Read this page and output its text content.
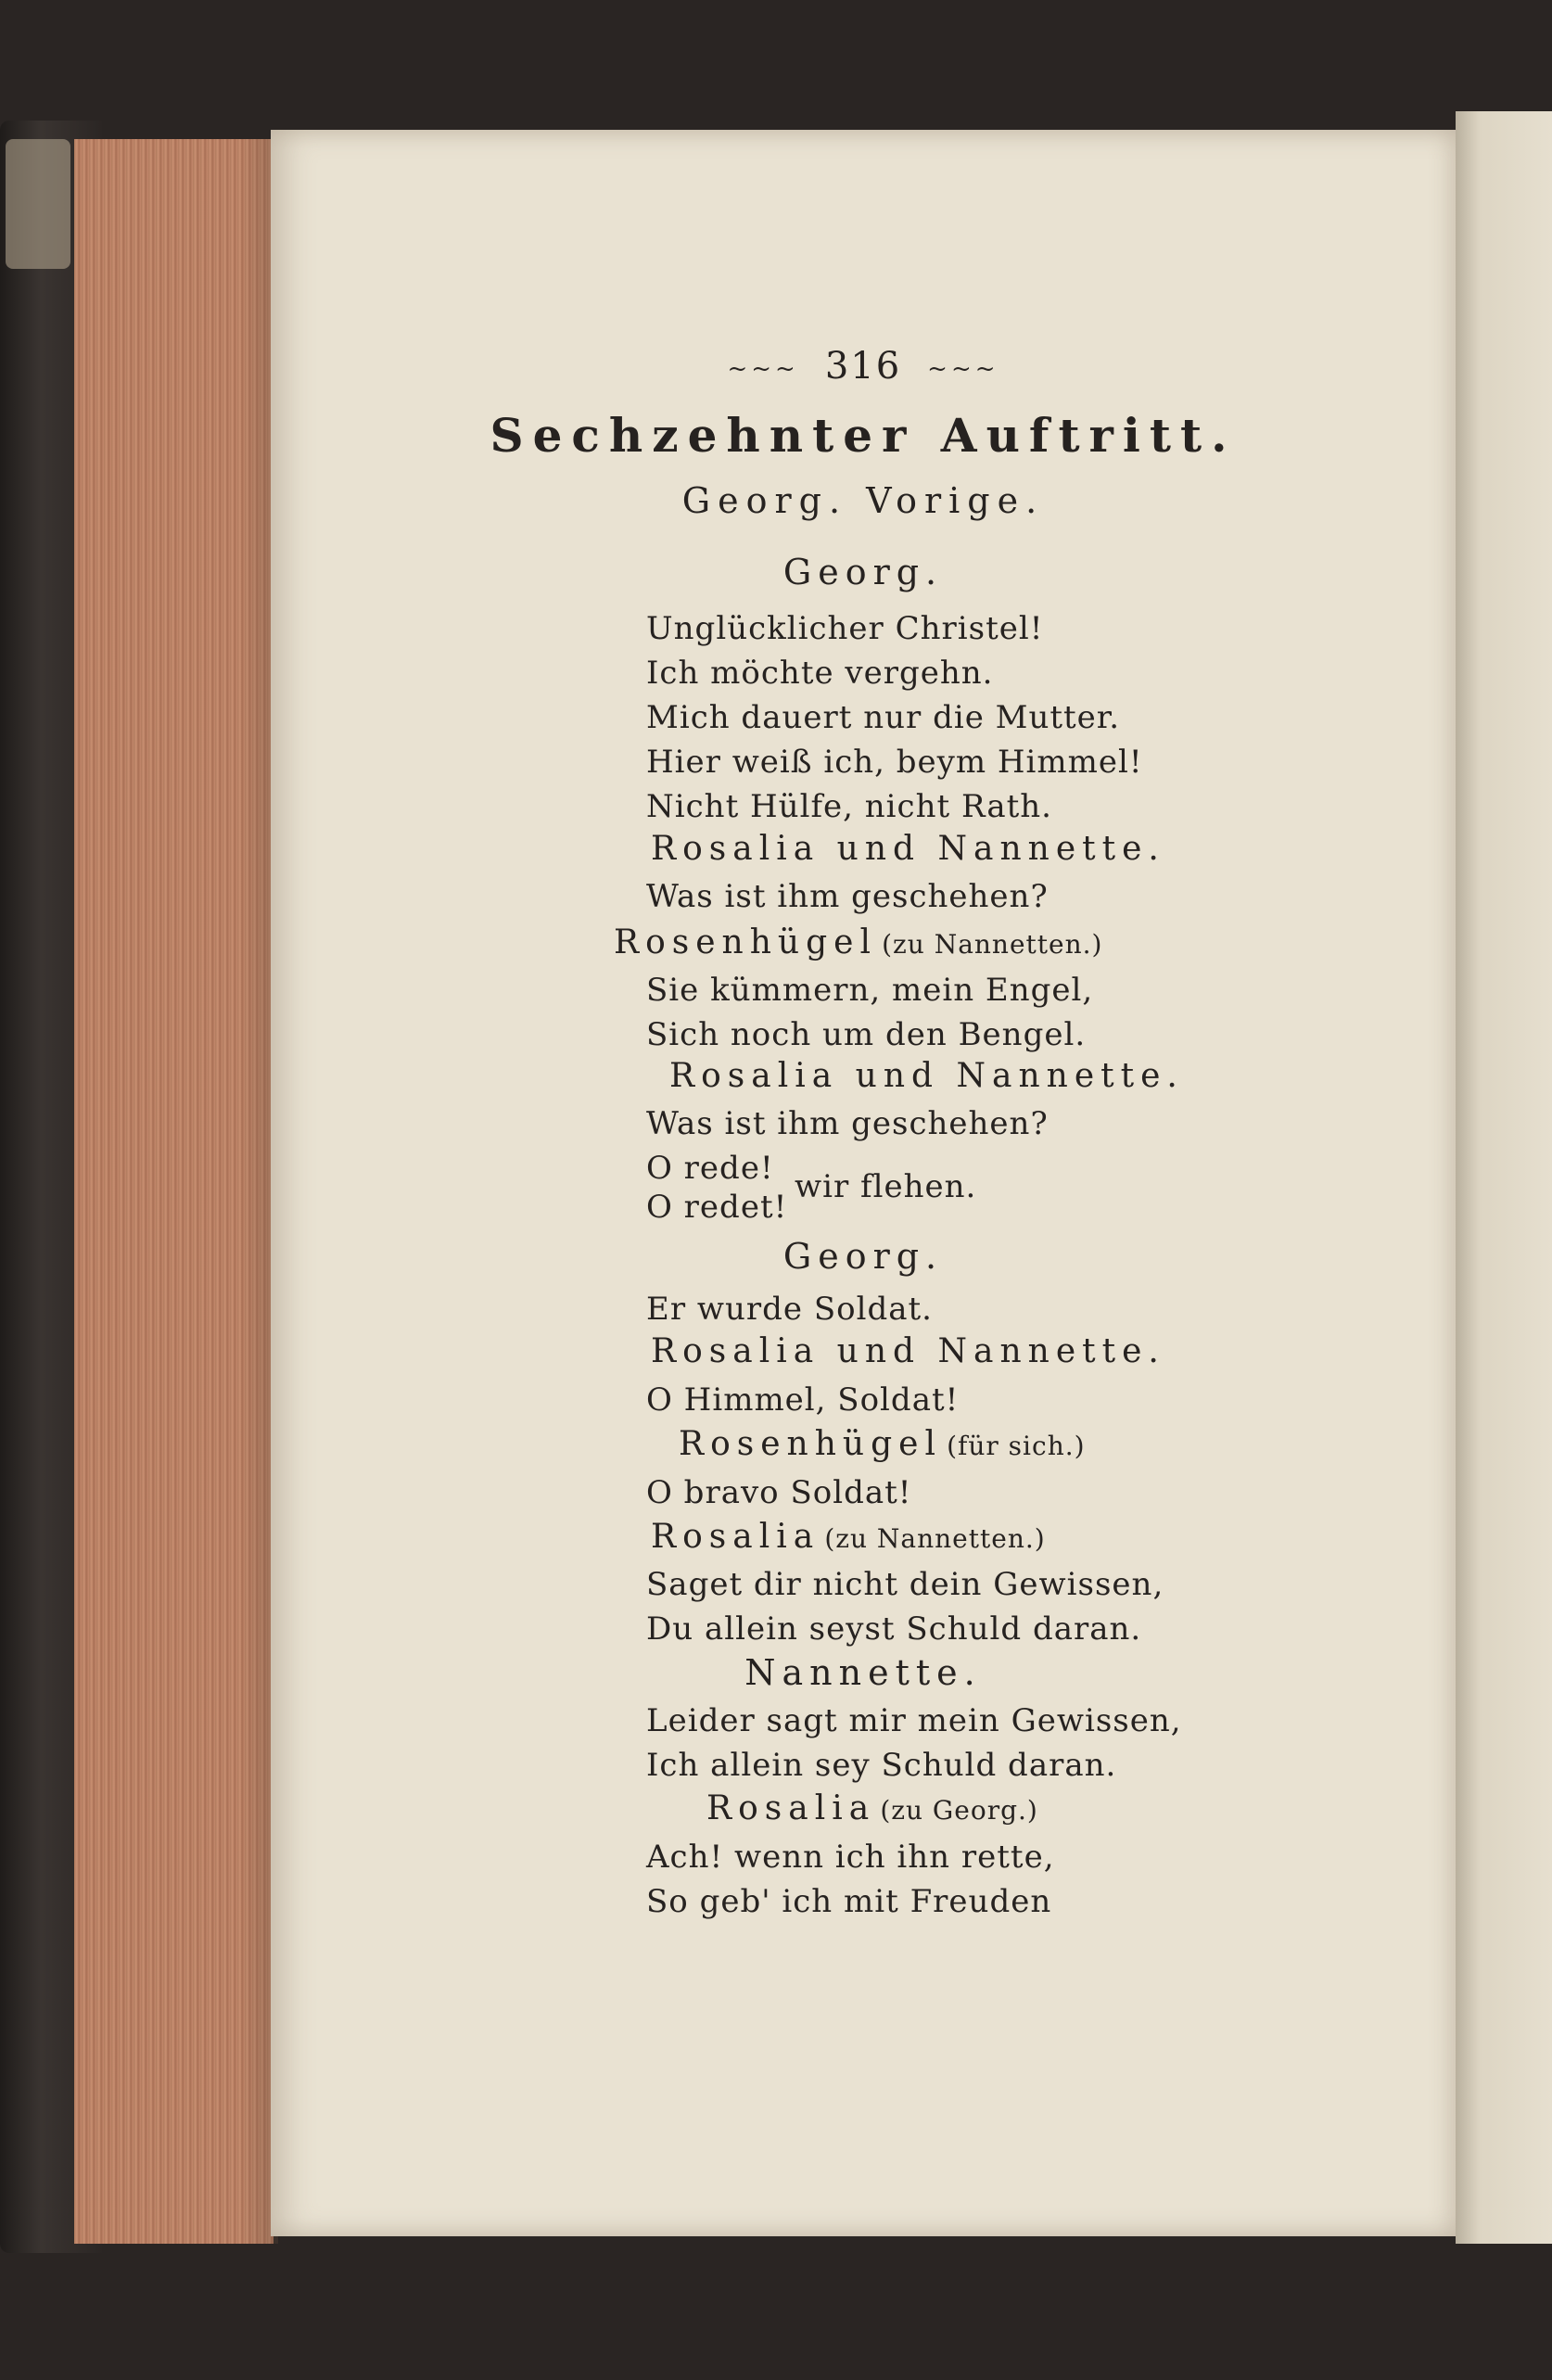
~~~ 316 ~~~
Sechzehnter Auftritt.
Georg. Vorige.
Georg.
Unglücklicher Christel!
Ich möchte vergehn.
Mich dauert nur die Mutter.
Hier weiß ich, beym Himmel!
Nicht Hülfe, nicht Rath.
Rosalia und Nannette.
Was ist ihm geschehen?
Rosenhügel (zu Nannetten.)
Sie kümmern, mein Engel,
Sich noch um den Bengel.
Rosalia und Nannette.
Was ist ihm geschehen?
O rede!
O redet!
wir flehen.
Georg.
Er wurde Soldat.
Rosalia und Nannette.
O Himmel, Soldat!
Rosenhügel (für sich.)
O bravo Soldat!
Rosalia (zu Nannetten.)
Saget dir nicht dein Gewissen,
Du allein seyst Schuld daran.
Nannette.
Leider sagt mir mein Gewissen,
Ich allein sey Schuld daran.
Rosalia (zu Georg.)
Ach! wenn ich ihn rette,
So geb' ich mit Freuden
